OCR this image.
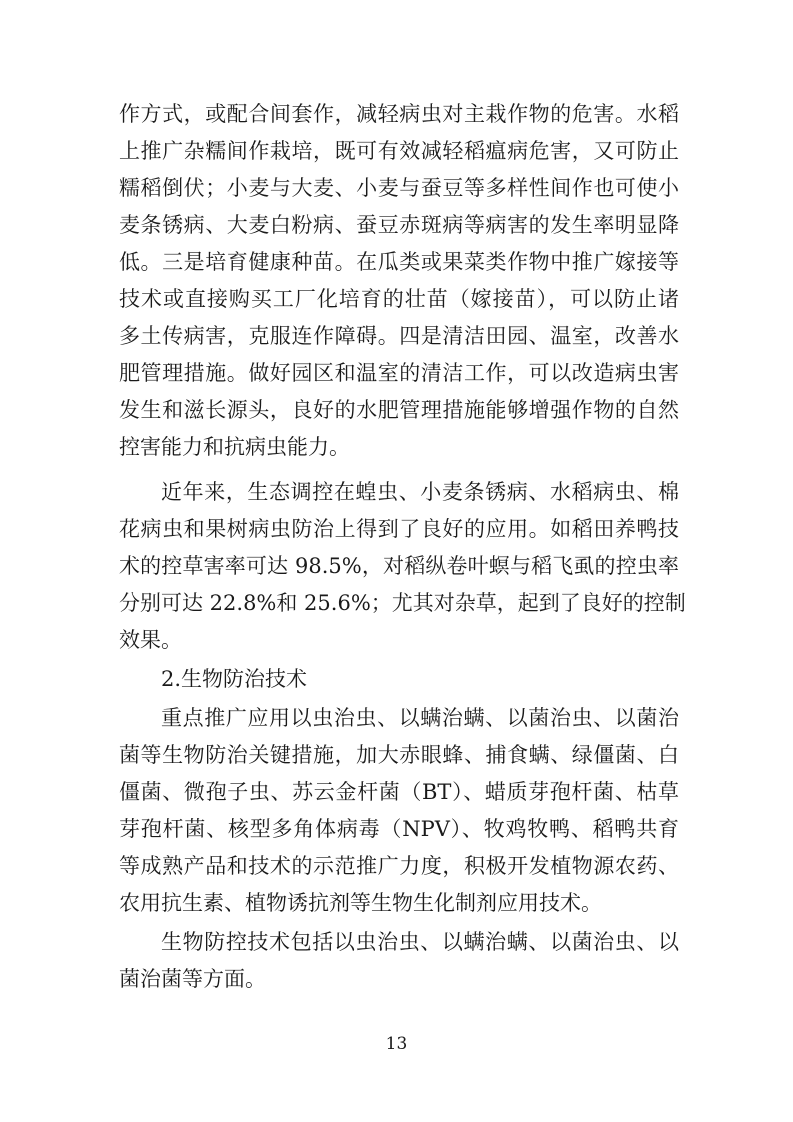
作方式，或配合间套作，减轻病虫对主栽作物的危害。水稻
上推广杂糯间作栽培，既可有效减轻稻瘟病危害，又可防止
糯稻倒伏；小麦与大麦、小麦与蚕豆等多样性间作也可使小
麦条锈病、大麦白粉病、蚕豆赤斑病等病害的发生率明显降
低。三是培育健康种苗。在瓜类或果菜类作物中推广嫁接等
技术或直接购买工厂化培育的壮苗（嫁接苗），可以防止诸
多土传病害，克服连作障碍。四是清洁田园、温室，改善水
肥管理措施。做好园区和温室的清洁工作，可以改造病虫害
发生和滋长源头，良好的水肥管理措施能够增强作物的自然
控害能力和抗病虫能力。
近年来，生态调控在蝗虫、小麦条锈病、水稻病虫、棉
花病虫和果树病虫防治上得到了良好的应用。如稻田养鸭技
术的控草害率可达 98.5%，对稻纵卷叶螟与稻飞虱的控虫率
分别可达 22.8%和 25.6%；尤其对杂草，起到了良好的控制
效果。
2.生物防治技术
重点推广应用以虫治虫、以螨治螨、以菌治虫、以菌治
菌等生物防治关键措施，加大赤眼蜂、捕食螨、绿僵菌、白
僵菌、微孢子虫、苏云金杆菌（BT）、蜡质芽孢杆菌、枯草
芽孢杆菌、核型多角体病毒（NPV）、牧鸡牧鸭、稻鸭共育
等成熟产品和技术的示范推广力度，积极开发植物源农药、
农用抗生素、植物诱抗剂等生物生化制剂应用技术。
生物防控技术包括以虫治虫、以螨治螨、以菌治虫、以
菌治菌等方面。
13
